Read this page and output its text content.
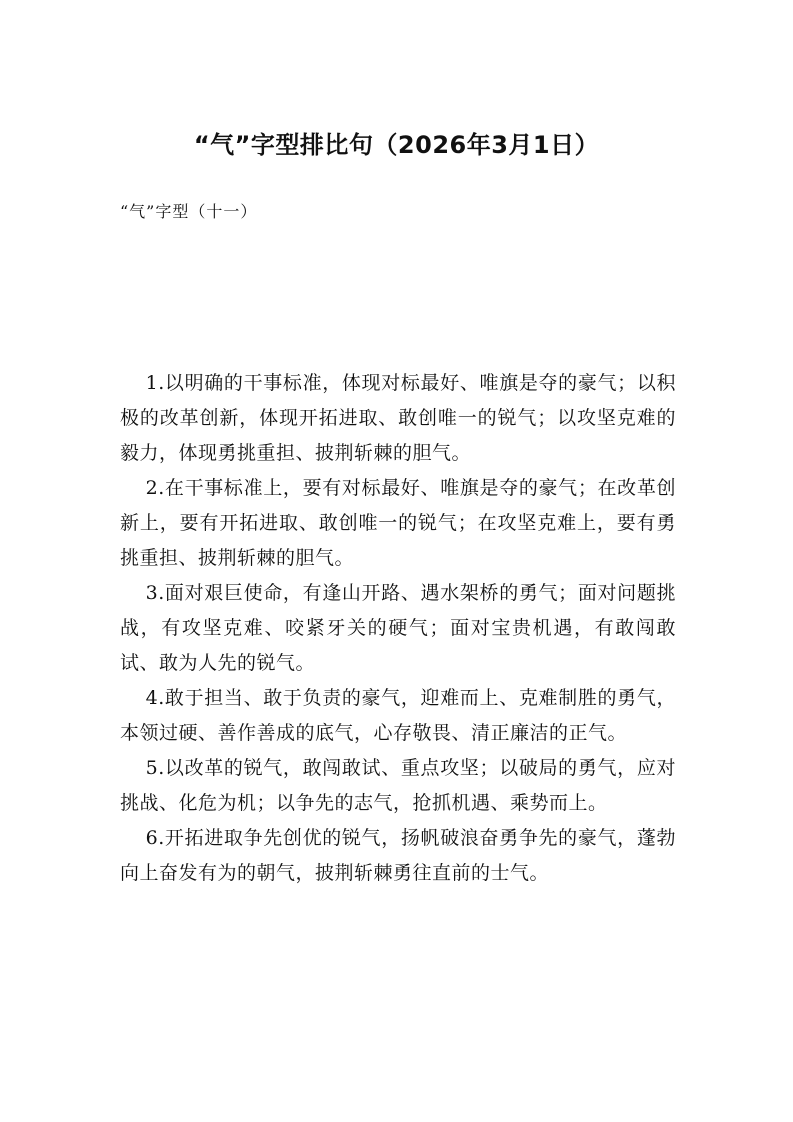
“气”字型排比句（2026年3月1日）

“气”字型（十一）

1.以明确的干事标准，体现对标最好、唯旗是夺的豪气；以积极的改革创新，体现开拓进取、敢创唯一的锐气；以攻坚克难的毅力，体现勇挑重担、披荆斩棘的胆气。

2.在干事标准上，要有对标最好、唯旗是夺的豪气；在改革创新上，要有开拓进取、敢创唯一的锐气；在攻坚克难上，要有勇挑重担、披荆斩棘的胆气。

3.面对艰巨使命，有逢山开路、遇水架桥的勇气；面对问题挑战，有攻坚克难、咬紧牙关的硬气；面对宝贵机遇，有敢闯敢试、敢为人先的锐气。

4.敢于担当、敢于负责的豪气，迎难而上、克难制胜的勇气，本领过硬、善作善成的底气，心存敬畏、清正廉洁的正气。

5.以改革的锐气，敢闯敢试、重点攻坚；以破局的勇气，应对挑战、化危为机；以争先的志气，抢抓机遇、乘势而上。

6.开拓进取争先创优的锐气，扬帆破浪奋勇争先的豪气，蓬勃向上奋发有为的朝气，披荆斩棘勇往直前的士气。
